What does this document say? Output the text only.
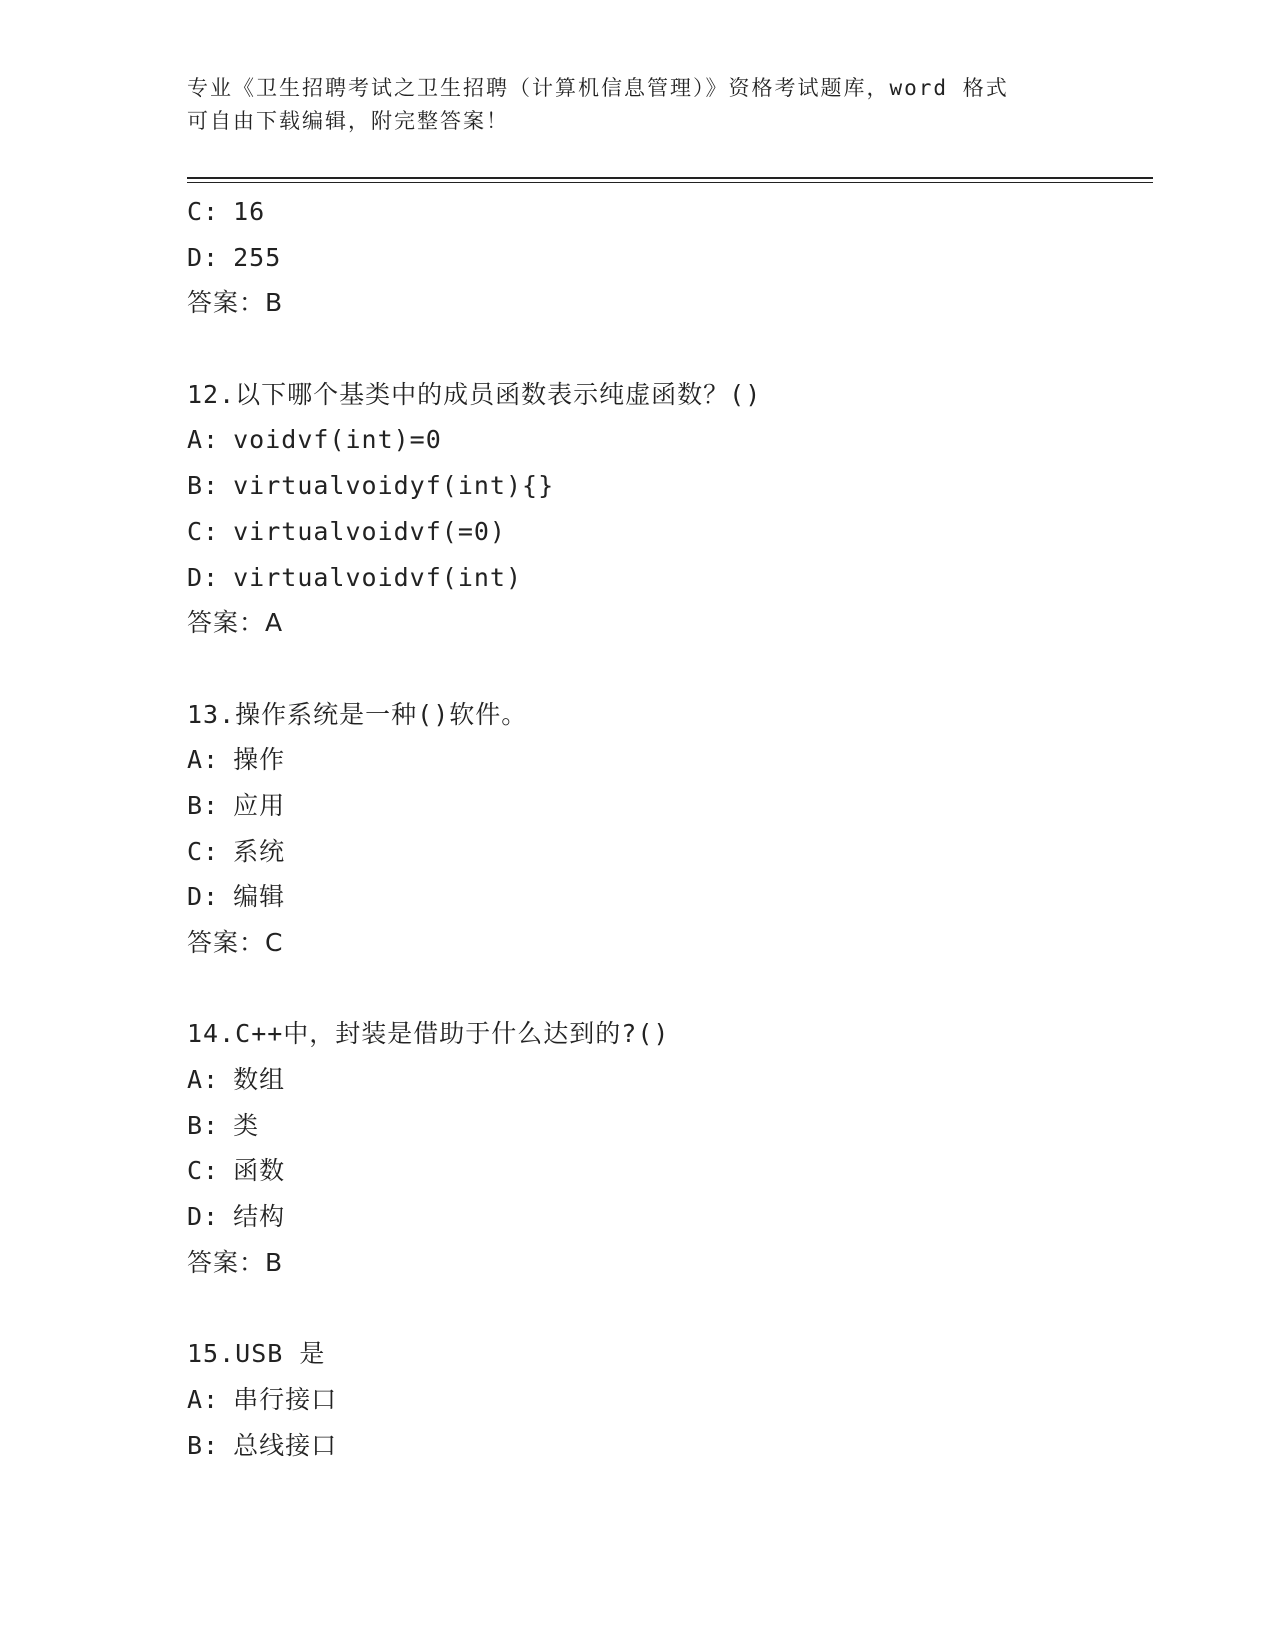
专业《卫生招聘考试之卫生招聘（计算机信息管理）》资格考试题库，word 格式
可自由下载编辑，附完整答案！
C: 16
D: 255
答案：B
12.以下哪个基类中的成员函数表示纯虚函数？()
A: voidvf(int)=0
B: virtualvoidyf(int){}
C: virtualvoidvf(=0)
D: virtualvoidvf(int)
答案：A
13.操作系统是一种()软件。
A: 操作
B: 应用
C: 系统
D: 编辑
答案：C
14.C++中，封装是借助于什么达到的?()
A: 数组
B: 类
C: 函数
D: 结构
答案：B
15.USB 是
A: 串行接口
B: 总线接口
